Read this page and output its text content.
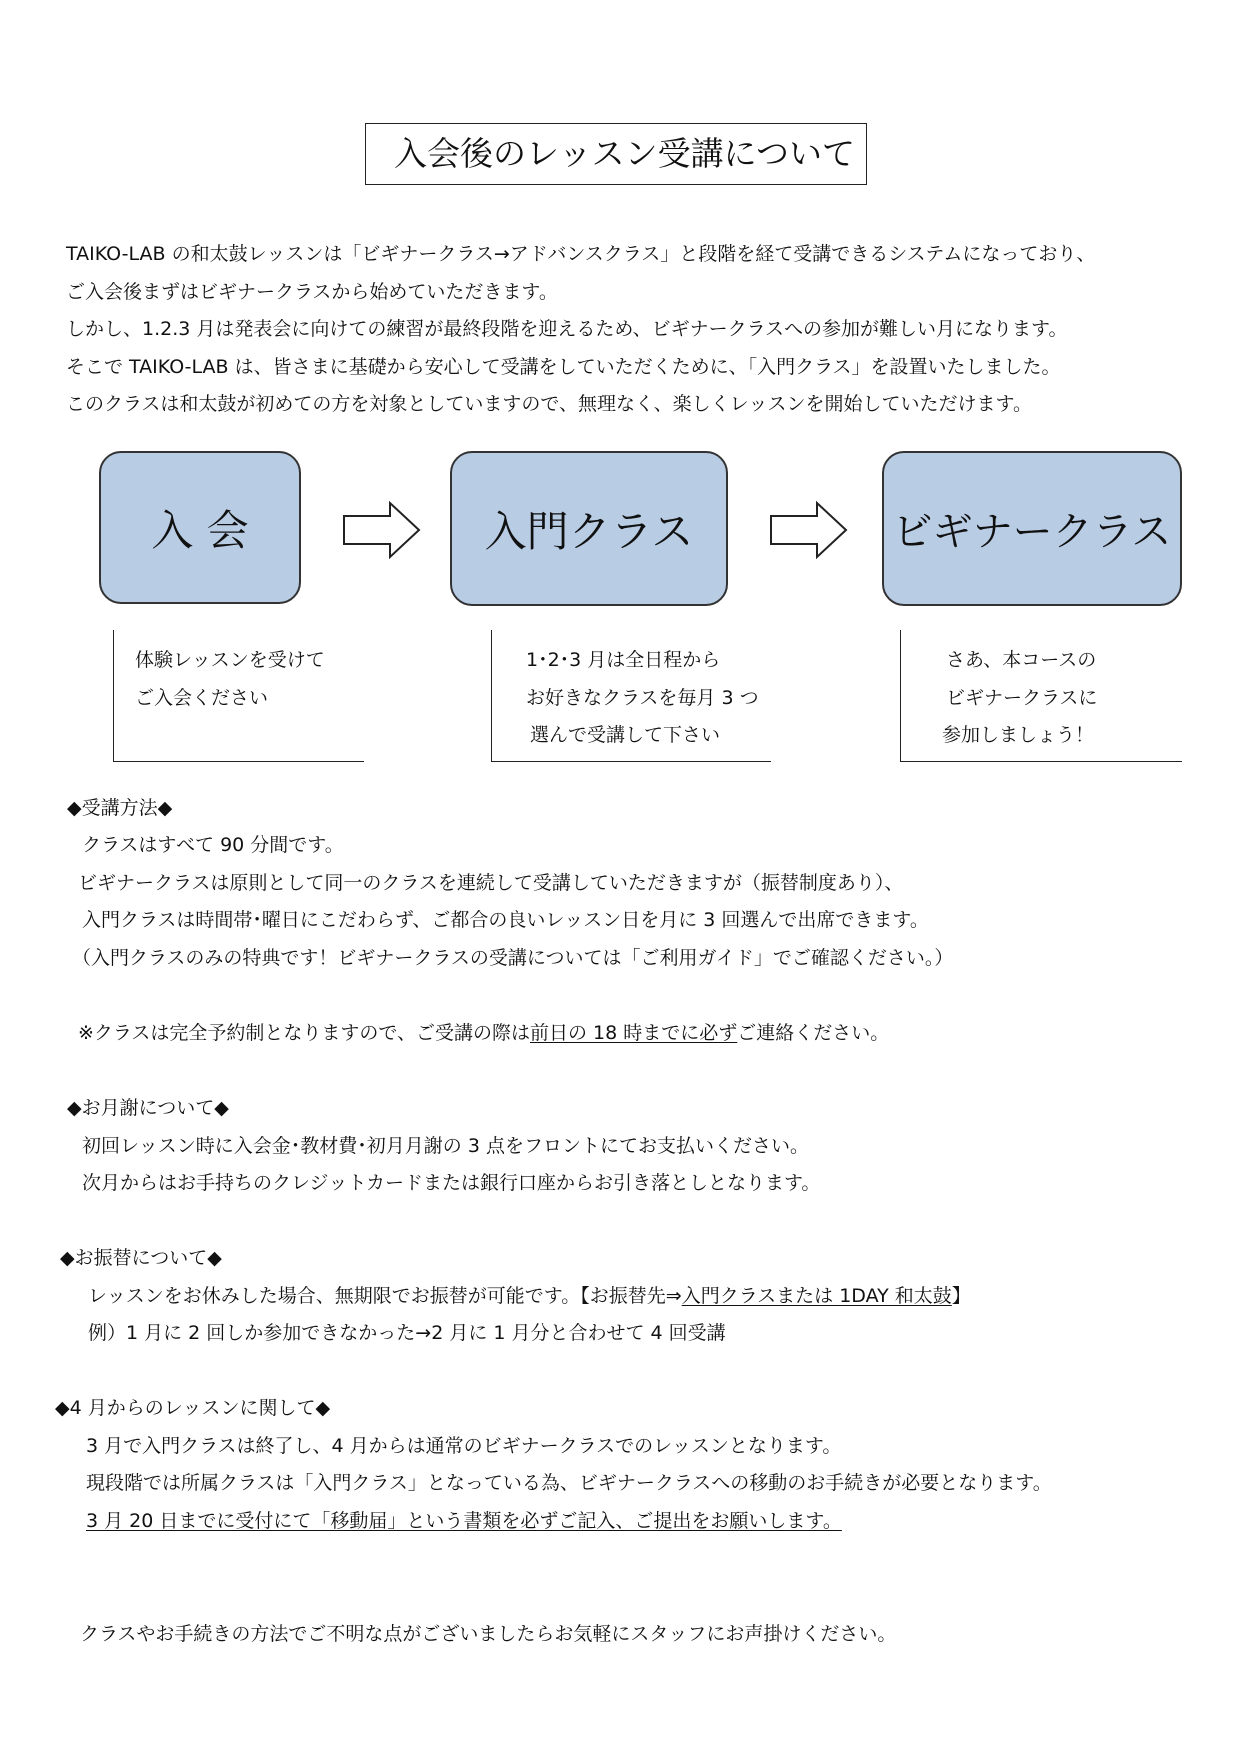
入会後のレッスン受講について
TAIKO-LAB の和太鼓レッスンは「ビギナークラス→アドバンスクラス」と段階を経て受講できるシステムになっており、
ご入会後まずはビギナークラスから始めていただきます。
しかし、1.2.3 月は発表会に向けての練習が最終段階を迎えるため、ビギナークラスへの参加が難しい月になります。
そこで TAIKO-LAB は、皆さまに基礎から安心して受講をしていただくために、「入門クラス」を設置いたしました。
このクラスは和太鼓が初めての方を対象としていますので、無理なく、楽しくレッスンを開始していただけます。
入 会	入門クラス	ビギナークラス
体験レッスンを受けて
ご入会ください
1･2･3 月は全日程から
お好きなクラスを毎月 3 つ
選んで受講して下さい
さあ、本コースの
ビギナークラスに
参加しましょう！
◆受講方法◆
クラスはすべて 90 分間です。
ビギナークラスは原則として同一のクラスを連続して受講していただきますが（振替制度あり）、
入門クラスは時間帯･曜日にこだわらず、ご都合の良いレッスン日を月に 3 回選んで出席できます。
（入門クラスのみの特典です！ビギナークラスの受講については「ご利用ガイド」でご確認ください。）
※クラスは完全予約制となりますので、ご受講の際は前日の 18 時までに必ずご連絡ください。
◆お月謝について◆
初回レッスン時に入会金･教材費･初月月謝の 3 点をフロントにてお支払いください。
次月からはお手持ちのクレジットカードまたは銀行口座からお引き落としとなります。
◆お振替について◆
レッスンをお休みした場合、無期限でお振替が可能です。【お振替先⇒入門クラスまたは 1DAY 和太鼓】
例）1 月に 2 回しか参加できなかった→2 月に 1 月分と合わせて 4 回受講
◆4 月からのレッスンに関して◆
3 月で入門クラスは終了し、4 月からは通常のビギナークラスでのレッスンとなります。
現段階では所属クラスは「入門クラス」となっている為、ビギナークラスへの移動のお手続きが必要となります。
3 月 20 日までに受付にて「移動届」という書類を必ずご記入、ご提出をお願いします。
クラスやお手続きの方法でご不明な点がございましたらお気軽にスタッフにお声掛けください。
